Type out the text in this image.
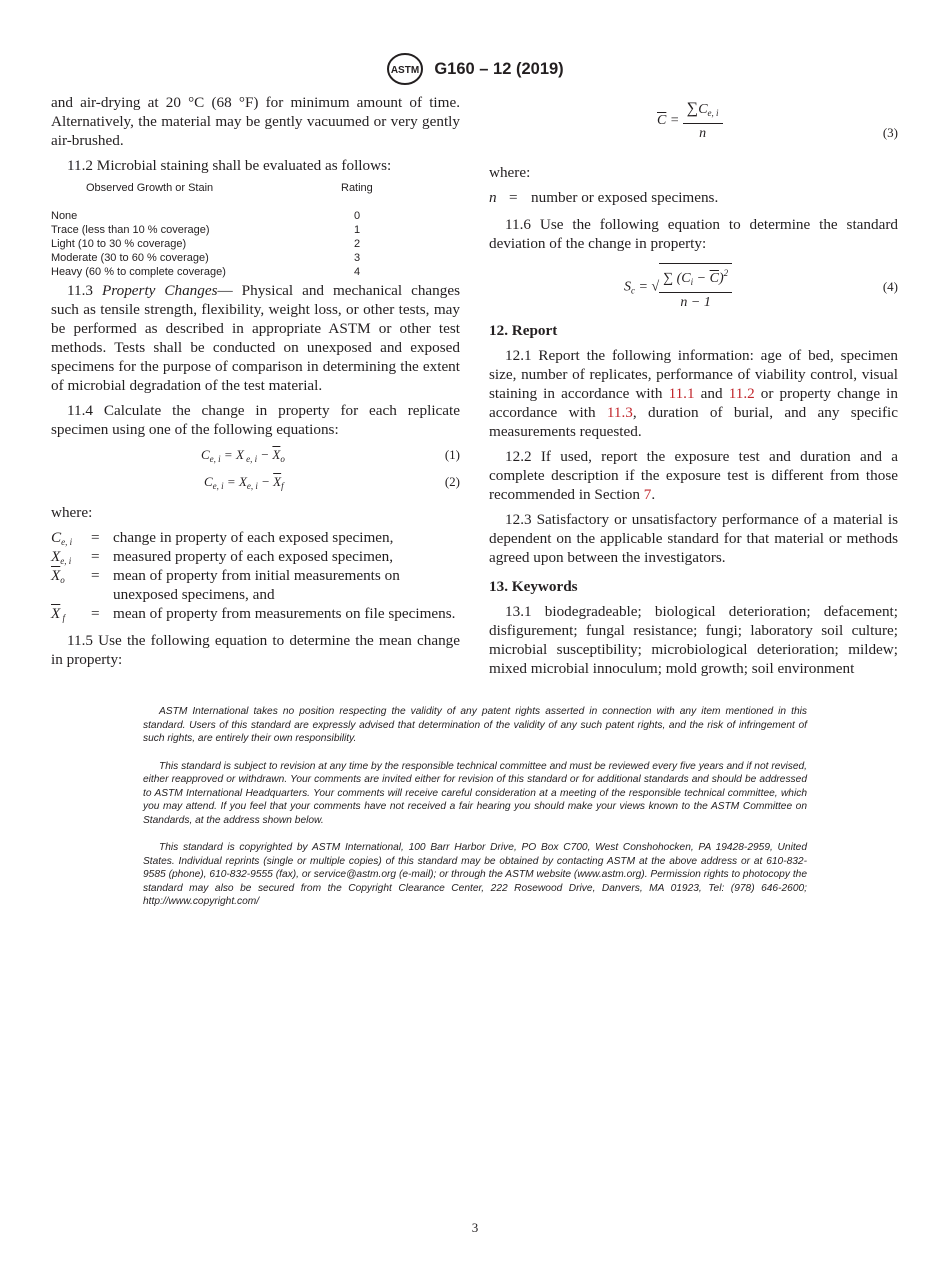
ASTM G160 – 12 (2019)

and air-drying at 20 °C (68 °F) for minimum amount of time. Alternatively, the material may be gently vacuumed or very gently air-brushed.

11.2 Microbial staining shall be evaluated as follows:

Observed Growth or Stain	Rating
None	0
Trace (less than 10 % coverage)	1
Light (10 to 30 % coverage)	2
Moderate (30 to 60 % coverage)	3
Heavy (60 % to complete coverage)	4

11.3 Property Changes— Physical and mechanical changes such as tensile strength, flexibility, weight loss, or other tests, may be performed as described in appropriate ASTM or other test methods. Tests shall be conducted on unexposed and exposed specimens for the purpose of comparison in determining the extent of microbial degradation of the test material.

11.4 Calculate the change in property for each replicate specimen using one of the following equations:

$C_{e, i} = X$ $_{e, i} - \overline{X}_o$	(1)
$C_{e, i} = X_{e, i} - \overline{X}_f$	(2)

where:

$C_{e, i}$ = change in property of each exposed specimen,
$X_{e, i}$ = measured property of each exposed specimen,
$\overline{X}_o$ = mean of property from initial measurements on unexposed specimens, and
$\overline{X}$ $_f$ = mean of property from measurements on file specimens.

11.5 Use the following equation to determine the mean change in property:

$\overline{C} = \frac{\sum C_{e, i}}{n}$	(3)

where:

n = number or exposed specimens.

11.6 Use the following equation to determine the standard deviation of the change in property:

$S_c$ = √ $\frac{\sum (C_i - \overline{C})^2}{n - 1}$	(4)
12. Report

12.1 Report the following information: age of bed, specimen size, number of replicates, performance of viability control, visual staining in accordance with 11.1 and 11.2 or property change in accordance with 11.3, duration of burial, and any specific measurements requested.

12.2 If used, report the exposure test and duration and a complete description if the exposure test is different from those recommended in Section 7.

12.3 Satisfactory or unsatisfactory performance of a material is dependent on the applicable standard for that material or methods agreed upon between the investigators.

13. Keywords

13.1 biodegradeable; biological deterioration; defacement; disfigurement; fungal resistance; fungi; laboratory soil culture; microbial susceptibility; microbiological deterioration; mildew; mixed microbial innoculum; mold growth; soil environment

ASTM International takes no position respecting the validity of any patent rights asserted in connection with any item mentioned in this standard. Users of this standard are expressly advised that determination of the validity of any such patent rights, and the risk of infringement of such rights, are entirely their own responsibility.

This standard is subject to revision at any time by the responsible technical committee and must be reviewed every five years and if not revised, either reapproved or withdrawn. Your comments are invited either for revision of this standard or for additional standards and should be addressed to ASTM International Headquarters. Your comments will receive careful consideration at a meeting of the responsible technical committee, which you may attend. If you feel that your comments have not received a fair hearing you should make your views known to the ASTM Committee on Standards, at the address shown below.

This standard is copyrighted by ASTM International, 100 Barr Harbor Drive, PO Box C700, West Conshohocken, PA 19428-2959, United States. Individual reprints (single or multiple copies) of this standard may be obtained by contacting ASTM at the above address or at 610-832-9585 (phone), 610-832-9555 (fax), or service@astm.org (e-mail); or through the ASTM website (www.astm.org). Permission rights to photocopy the standard may also be secured from the Copyright Clearance Center, 222 Rosewood Drive, Danvers, MA 01923, Tel: (978) 646-2600; http://www.copyright.com/

3
